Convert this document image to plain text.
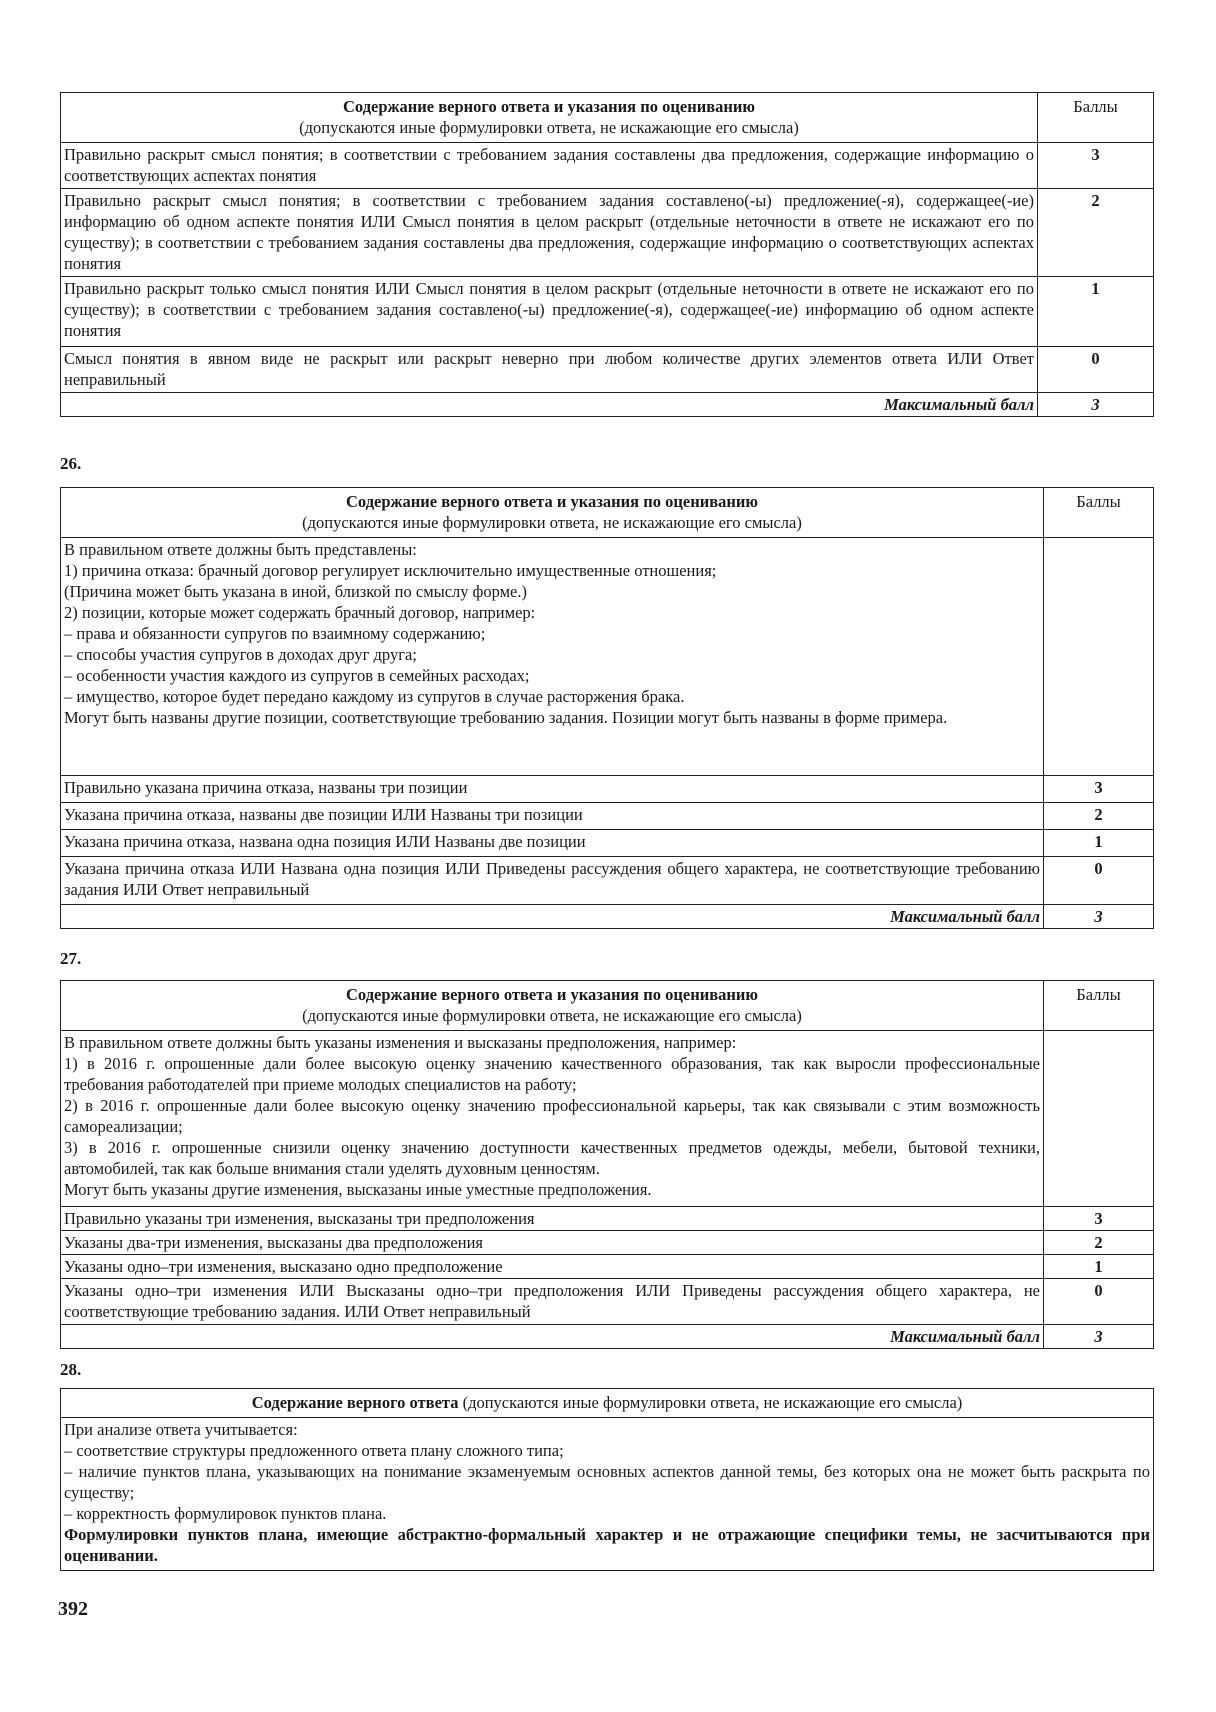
Содержание верного ответа и указания по оцениванию
(допускаются иные формулировки ответа, не искажающие его смысла)	Баллы
Правильно раскрыт смысл понятия; в соответствии с требованием задания составлены два предложения, содержащие информацию о соответствующих аспектах понятия	3
Правильно раскрыт смысл понятия; в соответствии с требованием задания составлено(-ы) предложение(-я), содержащее(-ие) информацию об одном аспекте понятия ИЛИ Смысл понятия в целом раскрыт (отдельные неточности в ответе не искажают его по существу); в соответствии с требованием задания составлены два предложения, содержащие информацию о соответствующих аспектах понятия	2
Правильно раскрыт только смысл понятия ИЛИ Смысл понятия в целом раскрыт (отдельные неточности в ответе не искажают его по существу); в соответствии с требованием задания составлено(-ы) предложение(-я), содержащее(-ие) информацию об одном аспекте понятия	1
Смысл понятия в явном виде не раскрыт или раскрыт неверно при любом количестве других элементов ответа ИЛИ Ответ неправильный	0
Максимальный балл	3
26.
Содержание верного ответа и указания по оцениванию
(допускаются иные формулировки ответа, не искажающие его смысла)	Баллы

В правильном ответе должны быть представлены:
1) причина отказа: брачный договор регулирует исключительно имущественные отношения;
(Причина может быть указана в иной, близкой по смыслу форме.)
2) позиции, которые может содержать брачный договор, например:
– права и обязанности супругов по взаимному содержанию;
– способы участия супругов в доходах друг друга;
– особенности участия каждого из супругов в семейных расходах;
– имущество, которое будет передано каждому из супругов в случае расторжения брака.
Могут быть названы другие позиции, соответствующие требованию задания. Позиции могут быть названы в форме примера.

Правильно указана причина отказа, названы три позиции	3
Указана причина отказа, названы две позиции ИЛИ Названы три позиции	2
Указана причина отказа, названа одна позиция ИЛИ Названы две позиции	1
Указана причина отказа ИЛИ Названа одна позиция ИЛИ Приведены рассуждения общего характера, не соответствующие требованию задания ИЛИ Ответ неправильный	0
Максимальный балл	3
27.
Содержание верного ответа и указания по оцениванию
(допускаются иные формулировки ответа, не искажающие его смысла)	Баллы

В правильном ответе должны быть указаны изменения и высказаны предположения, например:
1) в 2016 г. опрошенные дали более высокую оценку значению качественного образования, так как выросли профессиональные требования работодателей при приеме молодых специалистов на работу;
2) в 2016 г. опрошенные дали более высокую оценку значению профессиональной карьеры, так как связывали с этим возможность самореализации;
3) в 2016 г. опрошенные снизили оценку значению доступности качественных предметов одежды, мебели, бытовой техники, автомобилей, так как больше внимания стали уделять духовным ценностям.
Могут быть указаны другие изменения, высказаны иные уместные предположения.	

Правильно указаны три изменения, высказаны три предположения	3
Указаны два-три изменения, высказаны два предположения	2
Указаны одно–три изменения, высказано одно предположение	1
Указаны одно–три изменения ИЛИ Высказаны одно–три предположения ИЛИ Приведены рассуждения общего характера, не соответствующие требованию задания. ИЛИ Ответ неправильный	0
Максимальный балл	3
28.
Содержание верного ответа (допускаются иные формулировки ответа, не искажающие его смысла)

При анализе ответа учитывается:
– соответствие структуры предложенного ответа плану сложного типа;
– наличие пунктов плана, указывающих на понимание экзаменуемым основных аспектов данной темы, без которых она не может быть раскрыта по существу;
– корректность формулировок пунктов плана.
Формулировки пунктов плана, имеющие абстрактно-формальный характер и не отражающие специфики темы, не засчитываются при оценивании.
392
